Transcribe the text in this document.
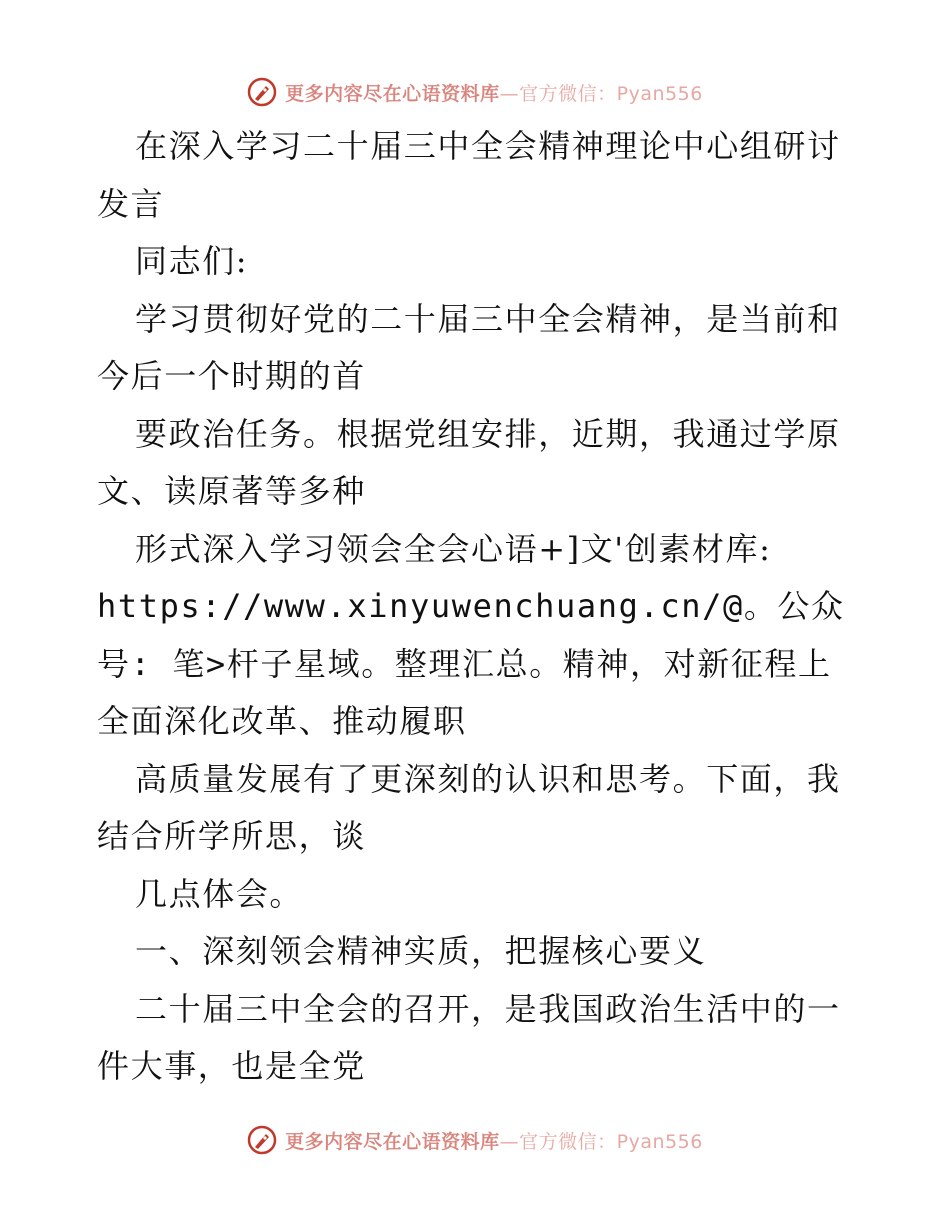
更多内容尽在心语资料库—官方微信：Pyan556

在深入学习二十届三中全会精神理论中心组研讨发言

同志们:

学习贯彻好党的二十届三中全会精神，是当前和今后一个时期的首

要政治任务。根据党组安排，近期，我通过学原文、读原著等多种

形式深入学习领会全会心语+]文'创素材库:

https://www.xinyuwenchuang.cn/@。公众号: 笔>杆子星域。整理汇总。精神，对新征程上全面深化改革、推动履职

高质量发展有了更深刻的认识和思考。下面，我结合所学所思，谈

几点体会。

一、深刻领会精神实质，把握核心要义

二十届三中全会的召开，是我国政治生活中的一件大事，也是全党

更多内容尽在心语资料库—官方微信：Pyan556
